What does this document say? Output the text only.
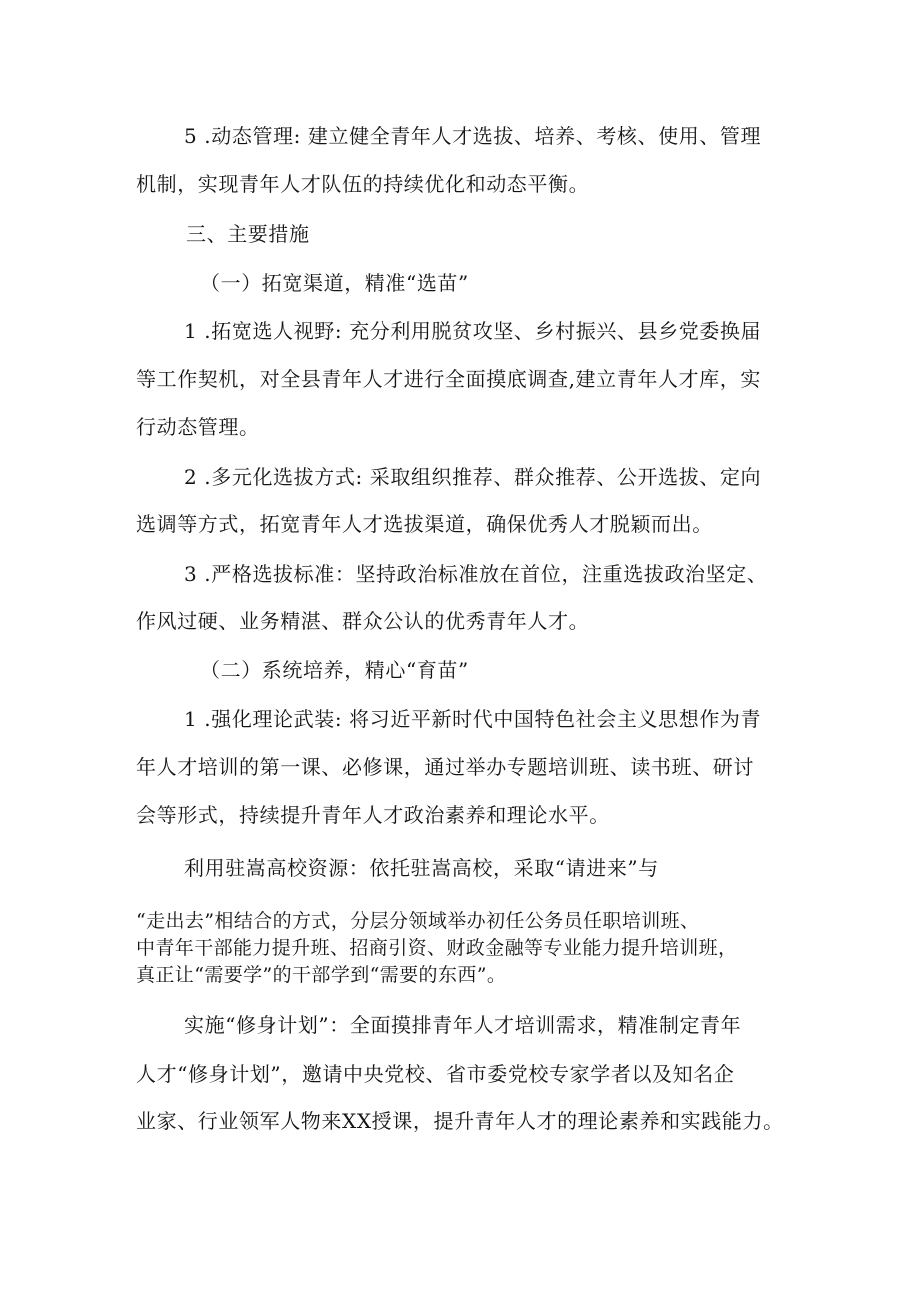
5 .动态管理: 建立健全青年人才选拔、培养、考核、使用、管理

机制，实现青年人才队伍的持续优化和动态平衡。

三、主要措施

（一）拓宽渠道，精准“选苗”

1 .拓宽选人视野: 充分利用脱贫攻坚、乡村振兴、县乡党委换届

等工作契机，对全县青年人才进行全面摸底调查,建立青年人才库，实

行动态管理。

2 .多元化选拔方式: 采取组织推荐、群众推荐、公开选拔、定向

选调等方式，拓宽青年人才选拔渠道，确保优秀人才脱颖而出。

3 .严格选拔标准：坚持政治标准放在首位，注重选拔政治坚定、

作风过硬、业务精湛、群众公认的优秀青年人才。

（二）系统培养，精心“育苗”

1 .强化理论武装: 将习近平新时代中国特色社会主义思想作为青

年人才培训的第一课、必修课，通过举办专题培训班、读书班、研讨

会等形式，持续提升青年人才政治素养和理论水平。

利用驻嵩高校资源：依托驻嵩高校，采取“请进来”与

“走出去”相结合的方式，分层分领域举办初任公务员任职培训班、

中青年干部能力提升班、招商引资、财政金融等专业能力提升培训班，

真正让“需要学”的干部学到“需要的东西”。

实施“修身计划”：全面摸排青年人才培训需求，精准制定青年

人才“修身计划”，邀请中央党校、省市委党校专家学者以及知名企

业家、行业领军人物来XX授课，提升青年人才的理论素养和实践能力。
